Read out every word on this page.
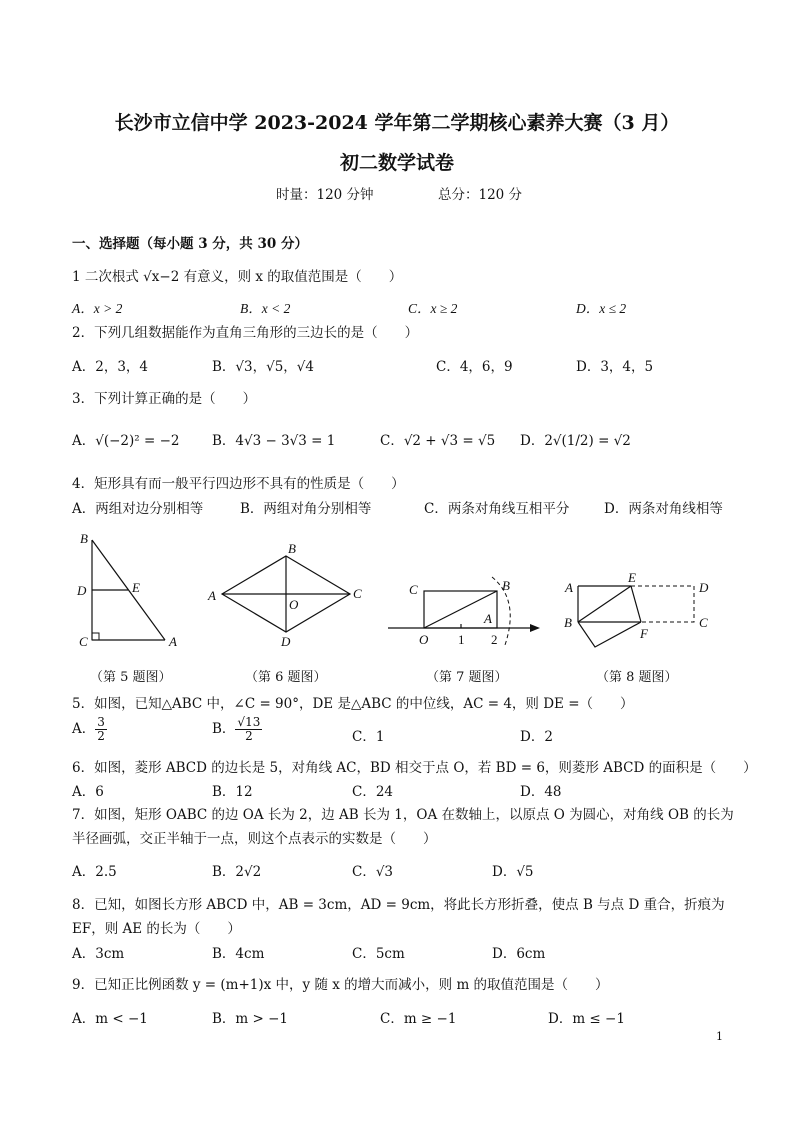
长沙市立信中学 2023-2024 学年第二学期核心素养大赛（3 月）
初二数学试卷
时量：120 分钟	总分：120 分
一、选择题（每小题 3 分，共 30 分）
1 二次根式 √x−2 有意义，则 x 的取值范围是（　　）
A．x > 2	B．x < 2	C．x ≥ 2	D．x ≤ 2
2．下列几组数据能作为直角三角形的三边长的是（　　）
A．2，3，4	B．√3，√5，√4	C．4，6，9	D．3，4，5
3．下列计算正确的是（　　）
A．√(−2)² = −2 B．4√3 − 3√3 = 1	C．√2 + √3 = √5 D．2√(1/2) = √2
4．矩形具有而一般平行四边形不具有的性质是（　　）
A．两组对边分别相等	B．两组对角分别相等	C．两条对角线互相平分	D．两条对角线相等
B
D	E
C	A
B
A
O
C
D
C	B
A
O 1 2
A
E
D
B
F
C
（第 5 题图）	（第 6 题图）	（第 7 题图）	（第 8 题图）
5．如图，已知△ABC 中，∠C = 90°，DE 是△ABC 的中位线，AC = 4，则 DE =（　　）
A． $\frac{3}{2}$	B． $\frac{√13}{2}$	C．1	D．2
6．如图，菱形 ABCD 的边长是 5，对角线 AC，BD 相交于点 O，若 BD = 6，则菱形 ABCD 的面积是（　　）
A．6	B．12	C．24	D．48
7．如图，矩形 OABC 的边 OA 长为 2，边 AB 长为 1，OA 在数轴上，以原点 O 为圆心，对角线 OB 的长为
半径画弧，交正半轴于一点，则这个点表示的实数是（　　）
A．2.5	B．2√2	C．√3	D．√5
8．已知，如图长方形 ABCD 中，AB = 3cm，AD = 9cm，将此长方形折叠，使点 B 与点 D 重合，折痕为
EF，则 AE 的长为（　　）
A．3cm	B．4cm	C．5cm	D．6cm
9．已知正比例函数 y = (m+1)x 中，y 随 x 的增大而减小，则 m 的取值范围是（　　）
A．m < −1	B．m > −1	C．m ≥ −1	D．m ≤ −1
1
